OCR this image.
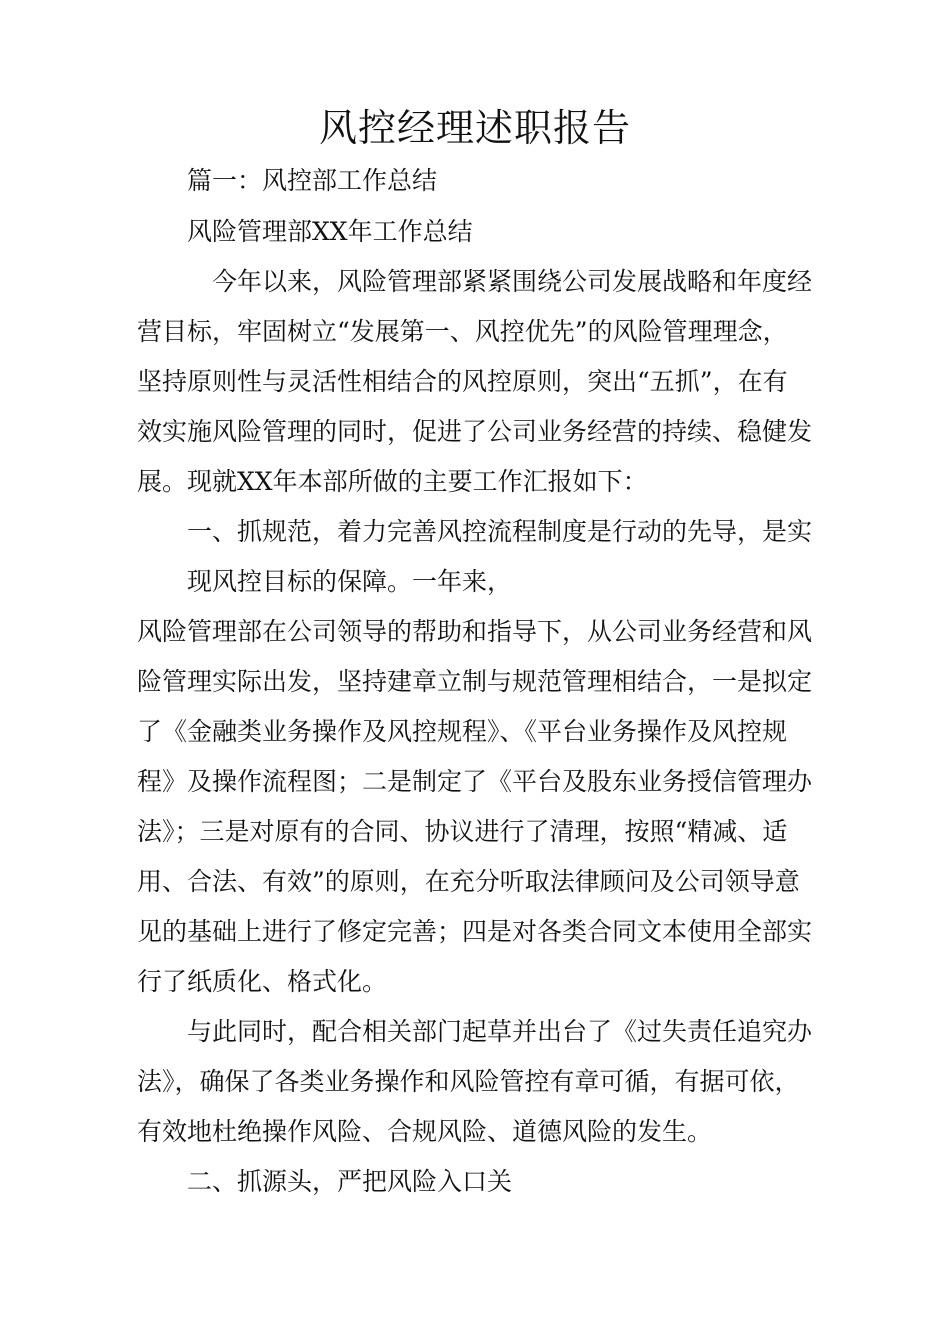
风控经理述职报告
篇一：风控部工作总结
风险管理部XX年工作总结
今年以来，风险管理部紧紧围绕公司发展战略和年度经
营目标，牢固树立“发展第一、风控优先”的风险管理理念，
坚持原则性与灵活性相结合的风控原则，突出“五抓”，在有
效实施风险管理的同时，促进了公司业务经营的持续、稳健发
展。现就XX年本部所做的主要工作汇报如下：
一、抓规范，着力完善风控流程制度是行动的先导，是实
现风控目标的保障。一年来，
风险管理部在公司领导的帮助和指导下，从公司业务经营和风
险管理实际出发，坚持建章立制与规范管理相结合，一是拟定
了《金融类业务操作及风控规程》、《平台业务操作及风控规
程》及操作流程图；二是制定了《平台及股东业务授信管理办
法》；三是对原有的合同、协议进行了清理，按照“精减、适
用、合法、有效”的原则，在充分听取法律顾问及公司领导意
见的基础上进行了修定完善；四是对各类合同文本使用全部实
行了纸质化、格式化。
与此同时，配合相关部门起草并出台了《过失责任追究办
法》，确保了各类业务操作和风险管控有章可循，有据可依，
有效地杜绝操作风险、合规风险、道德风险的发生。
二、抓源头，严把风险入口关
